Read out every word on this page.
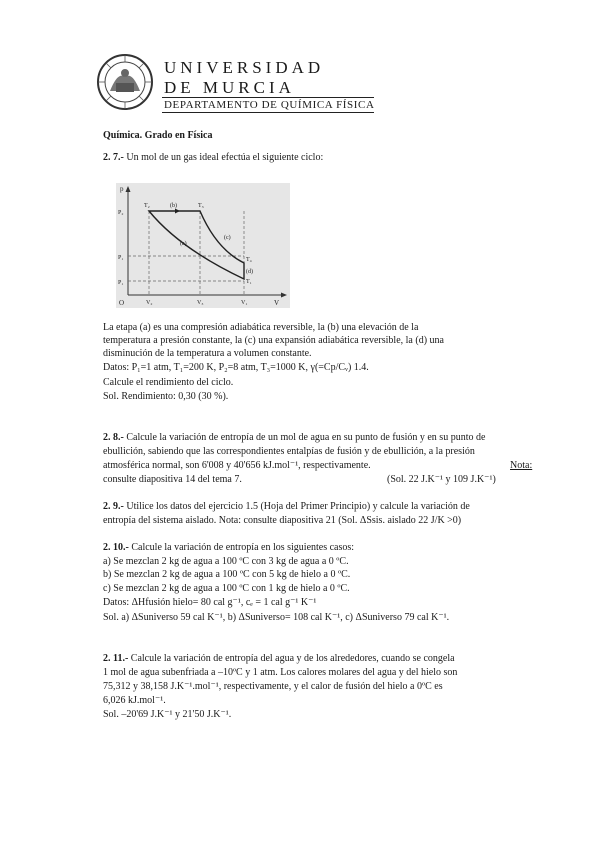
UNIVERSIDAD
DE MURCIA
DEPARTAMENTO DE QUÍMICA FÍSICA
Química. Grado en Física
2. 7.- Un mol de un gas ideal efectúa el siguiente ciclo:
p
V
O
P₂
P₁
P₁
V₂	V₃	V₁
T₂	T₃
T₄
T₁
(b)
(a)
(c)
(d)
La etapa (a) es una compresión adiabática reversible, la (b) una elevación de la
temperatura a presión constante, la (c) una expansión adiabática reversible, la (d) una
disminución de la temperatura a volumen constante.
Datos: P₁=1 atm, T₁=200 K, P₂=8 atm, T₃=1000 K, γ(=Cp/Cᵥ) 1.4.
Calcule el rendimiento del ciclo.
Sol. Rendimiento: 0,30 (30 %).
2. 8.- Calcule la variación de entropía de un mol de agua en su punto de fusión y en su punto de
ebullición, sabiendo que las correspondientes entalpías de fusión y de ebullición, a la presión
atmosférica normal, son 6'008 y 40'656 kJ.mol⁻¹, respectivamente.	Nota:
consulte diapositiva 14 del tema 7.	(Sol. 22 J.K⁻¹ y 109 J.K⁻¹)
2. 9.- Utilice los datos del ejercicio 1.5 (Hoja del Primer Principio) y calcule la variación de
entropía del sistema aislado. Nota: consulte diapositiva 21 (Sol. ΔSsis. aislado 22 J/K >0)
2. 10.- Calcule la variación de entropía en los siguientes casos:
a) Se mezclan 2 kg de agua a 100 ºC con 3 kg de agua a 0 ºC.
b) Se mezclan 2 kg de agua a 100 ºC con 5 kg de hielo a 0 ºC.
c) Se mezclan 2 kg de agua a 100 ºC con 1 kg de hielo a 0 ºC.
Datos: ΔHfusión hielo= 80 cal g⁻¹, cₑ = 1 cal g⁻¹ K⁻¹
Sol. a) ΔSuniverso 59 cal K⁻¹, b) ΔSuniverso= 108 cal K⁻¹, c) ΔSuniverso 79 cal K⁻¹.
2. 11.- Calcule la variación de entropía del agua y de los alrededores, cuando se congela
1 mol de agua subenfriada a –10ºC y 1 atm. Los calores molares del agua y del hielo son
75,312 y 38,158 J.K⁻¹.mol⁻¹, respectivamente, y el calor de fusión del hielo a 0ºC es
6,026 kJ.mol⁻¹.
Sol. –20'69 J.K⁻¹ y 21'50 J.K⁻¹.
